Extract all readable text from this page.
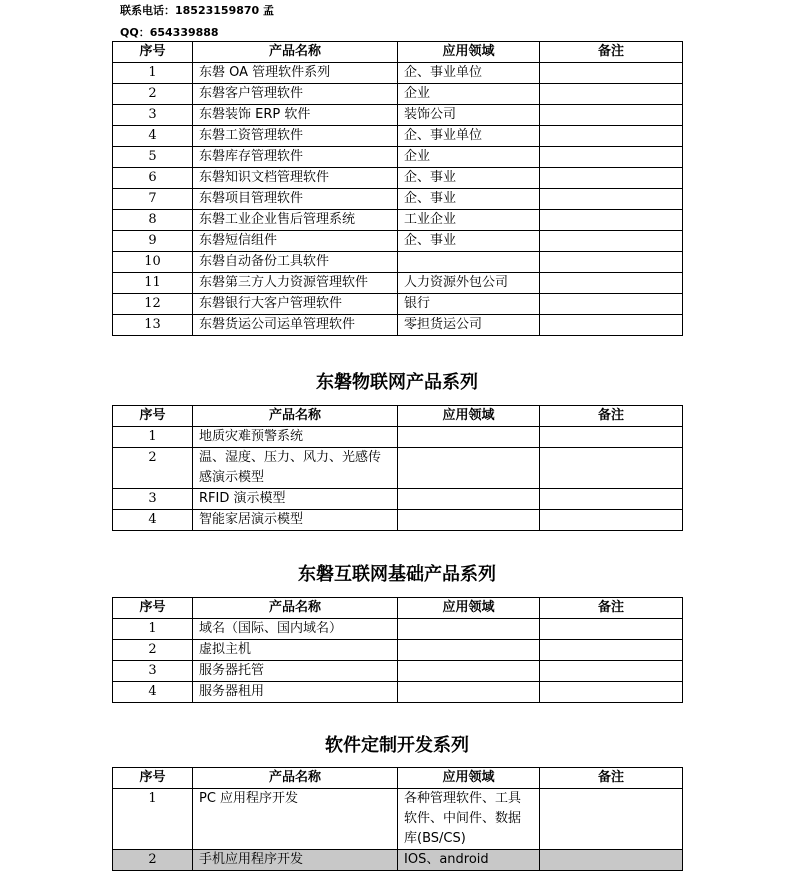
联系电话：18523159870 孟
QQ：654339888
序号	产品名称	应用领域	备注
1	东磐 OA 管理软件系列	企、事业单位	
2	东磐客户管理软件	企业	
3	东磐装饰 ERP 软件	装饰公司	
4	东磐工资管理软件	企、事业单位	
5	东磐库存管理软件	企业	
6	东磐知识文档管理软件	企、事业	
7	东磐项目管理软件	企、事业	
8	东磐工业企业售后管理系统	工业企业	
9	东磐短信组件	企、事业	
10	东磐自动备份工具软件		
11	东磐第三方人力资源管理软件	人力资源外包公司	
12	东磐银行大客户管理软件	银行	
13	东磐货运公司运单管理软件	零担货运公司	
东磐物联网产品系列
序号	产品名称	应用领域	备注
1	地质灾难预警系统		
2	温、湿度、压力、风力、光感传感演示模型		
3	RFID 演示模型		
4	智能家居演示模型		
东磐互联网基础产品系列
序号	产品名称	应用领域	备注
1	域名（国际、国内域名）		
2	虚拟主机		
3	服务器托管		
4	服务器租用		
软件定制开发系列
序号	产品名称	应用领域	备注
1	PC 应用程序开发	各种管理软件、工具软件、中间件、数据库(BS/CS)	
2	手机应用程序开发	IOS、android	
